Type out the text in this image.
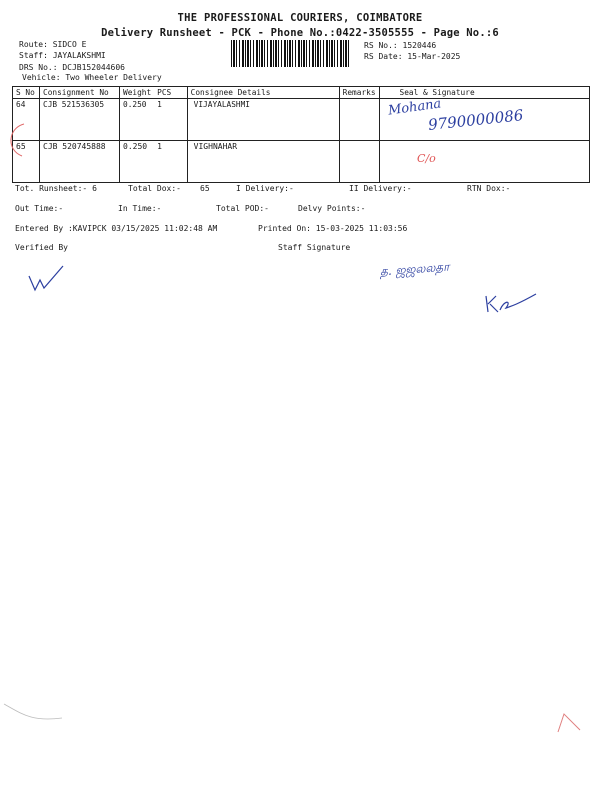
THE PROFESSIONAL COURIERS, COIMBATORE
Delivery Runsheet - PCK - Phone No.:0422-3505555 - Page No.:6
Route: SIDCO E
Staff: JAYALAKSHMI
DRS No.: DCJB152044606
Vehicle: Two Wheeler Delivery
RS No.: 1520446
RS Date: 15-Mar-2025
S No	Consignment No	Weight	PCS	Consignee Details	Remarks	Seal & Signature
64	CJB 521536305	0.250	1	VIJAYALASHMI		
65	CJB 520745888	0.250	1	VIGHNAHAR		
Mohana
9790000086
C/o
Tot. Runsheet:- 6	Total Dox:- 65	I Delivery:-	II Delivery:-	RTN Dox:-
Out Time:-	In Time:-	Total POD:-	Delvy Points:-
Entered By :KAVIPCK 03/15/2025 11:02:48 AM	Printed On: 15-03-2025 11:03:56
Verified By	Staff Signature
த. ஜஜலலதா
